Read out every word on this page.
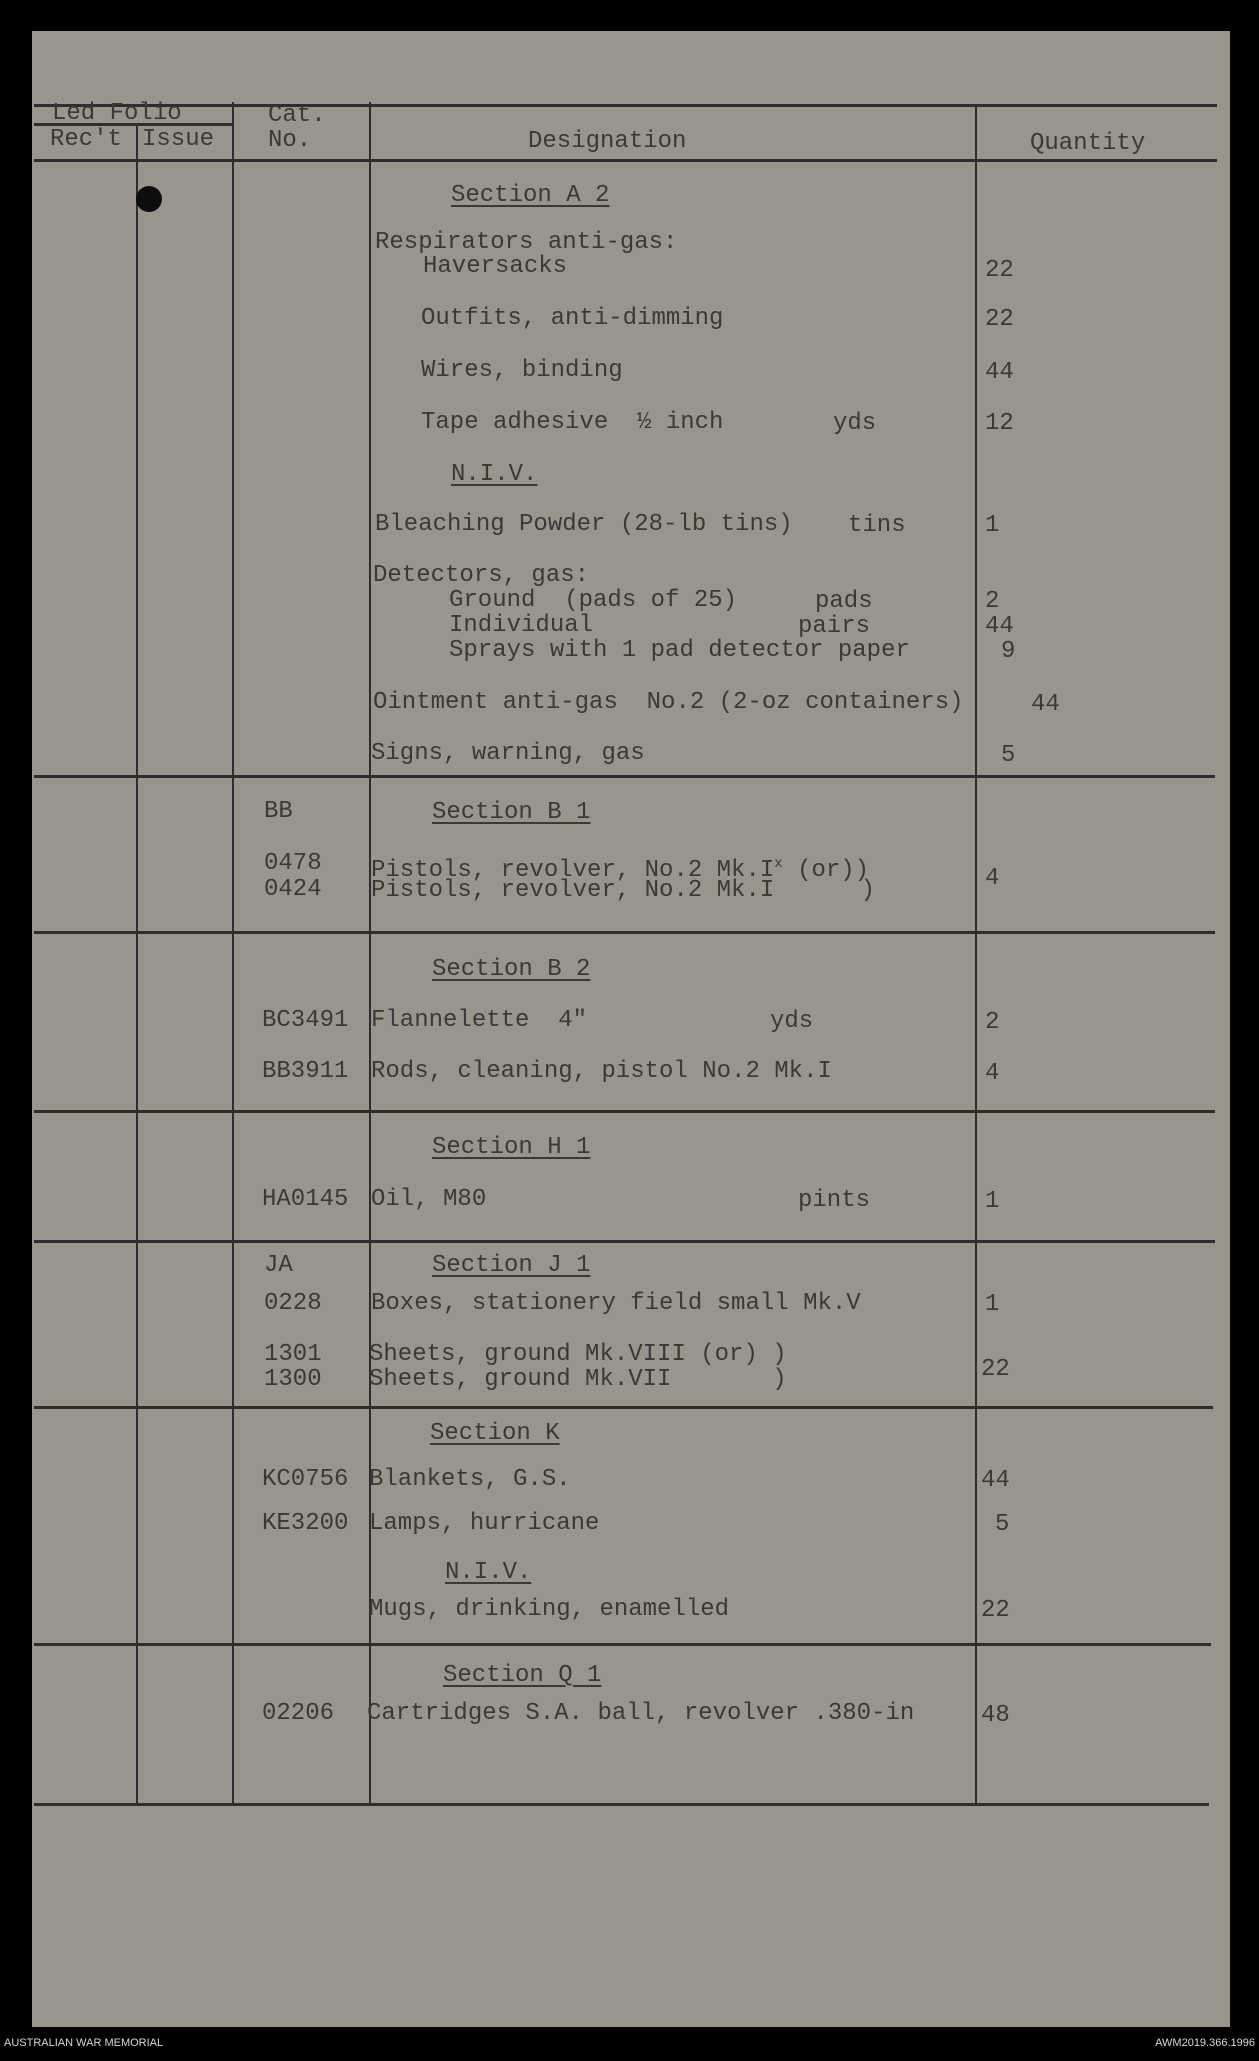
Led Folio
Rec't Issue
Cat.
No.	Designation	Quantity
Section A 2
Respirators anti-gas:
Haversacks	22
Outfits, anti-dimming	22
Wires, binding	44
Tape adhesive  ½ inch	yds	12
N.I.V.
Bleaching Powder (28-lb tins) tins	1
Detectors, gas:
Ground  (pads of 25)	pads	2
Individual	pairs	44
Sprays with 1 pad detector paper	9
Ointment anti-gas  No.2 (2-oz containers)	44
Signs, warning, gas	5
BB	Section B 1
0478 Pistols, revolver, No.2 $Mk.I^x$ (or))
0424 Pistols, revolver, No.2 Mk.I      )	4
Section B 2
BC3491 Flannelette  4"	yds	2
BB3911 Rods, cleaning, pistol No.2 Mk.I	4
Section H 1
HA0145 Oil, M80	pints	1
JA	Section J 1
0228 Boxes, stationery field small Mk.V	1
1301 Sheets, ground Mk.VIII (or) )
1300 Sheets, ground Mk.VII       )	22
Section K
KC0756 Blankets, G.S.	44
KE3200 Lamps, hurricane	5
N.I.V.
Mugs, drinking, enamelled	22
Section Q 1
02206 Cartridges S.A. ball, revolver .380-in	48
AUSTRALIAN WAR MEMORIAL	AWM2019.366.1996
